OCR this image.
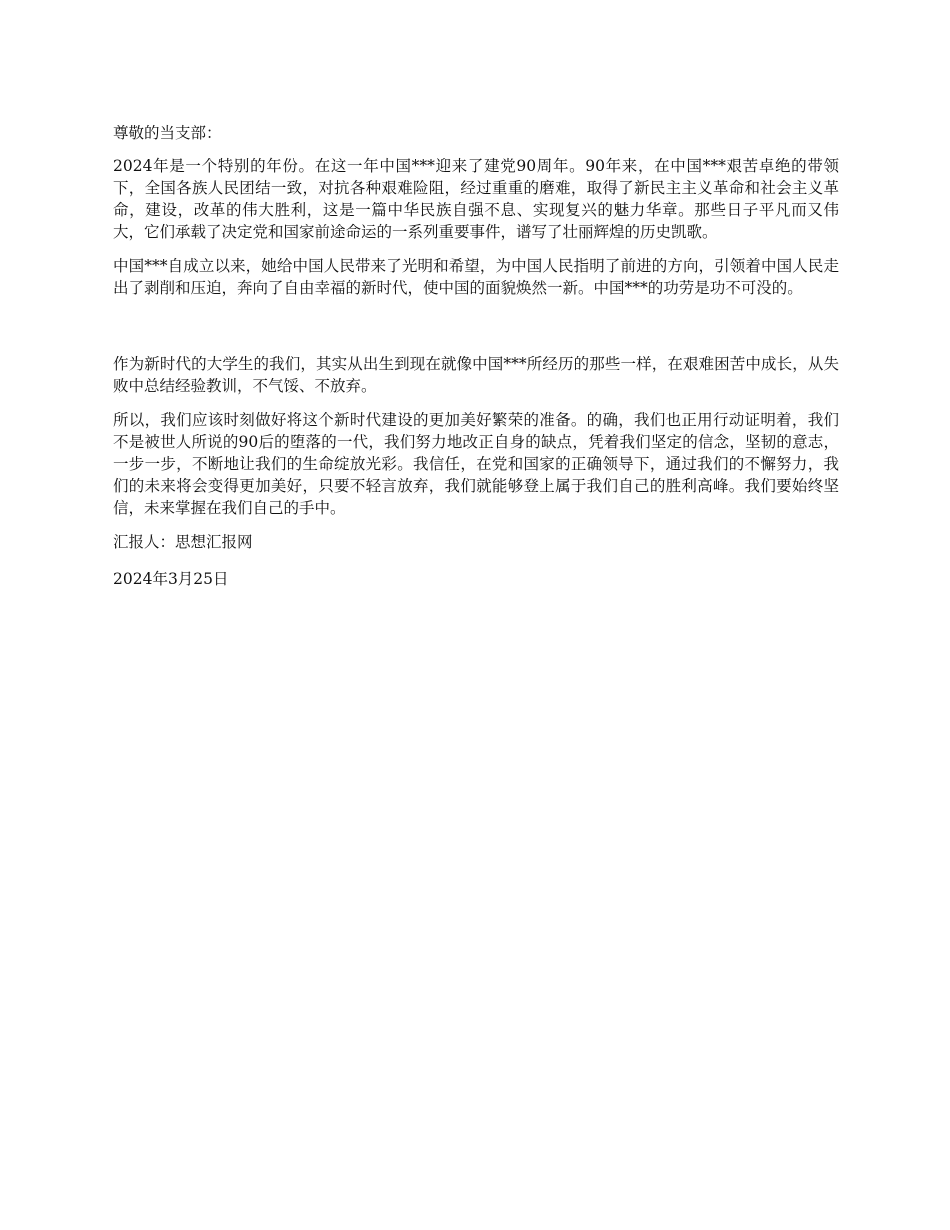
尊敬的当支部：

2024年是一个特别的年份。在这一年中国***迎来了建党90周年。90年来，在中国***艰苦卓绝的带领下，全国各族人民团结一致，对抗各种艰难险阻，经过重重的磨难，取得了新民主主义革命和社会主义革命，建设，改革的伟大胜利，这是一篇中华民族自强不息、实现复兴的魅力华章。那些日子平凡而又伟大，它们承载了决定党和国家前途命运的一系列重要事件，谱写了壮丽辉煌的历史凯歌。

中国***自成立以来，她给中国人民带来了光明和希望，为中国人民指明了前进的方向，引领着中国人民走出了剥削和压迫，奔向了自由幸福的新时代，使中国的面貌焕然一新。中国***的功劳是功不可没的。

作为新时代的大学生的我们，其实从出生到现在就像中国***所经历的那些一样，在艰难困苦中成长，从失败中总结经验教训，不气馁、不放弃。

所以，我们应该时刻做好将这个新时代建设的更加美好繁荣的准备。的确，我们也正用行动证明着，我们不是被世人所说的90后的堕落的一代，我们努力地改正自身的缺点，凭着我们坚定的信念，坚韧的意志，一步一步，不断地让我们的生命绽放光彩。我信任，在党和国家的正确领导下，通过我们的不懈努力，我们的未来将会变得更加美好，只要不轻言放弃，我们就能够登上属于我们自己的胜利高峰。我们要始终坚信，未来掌握在我们自己的手中。

汇报人：思想汇报网

2024年3月25日
